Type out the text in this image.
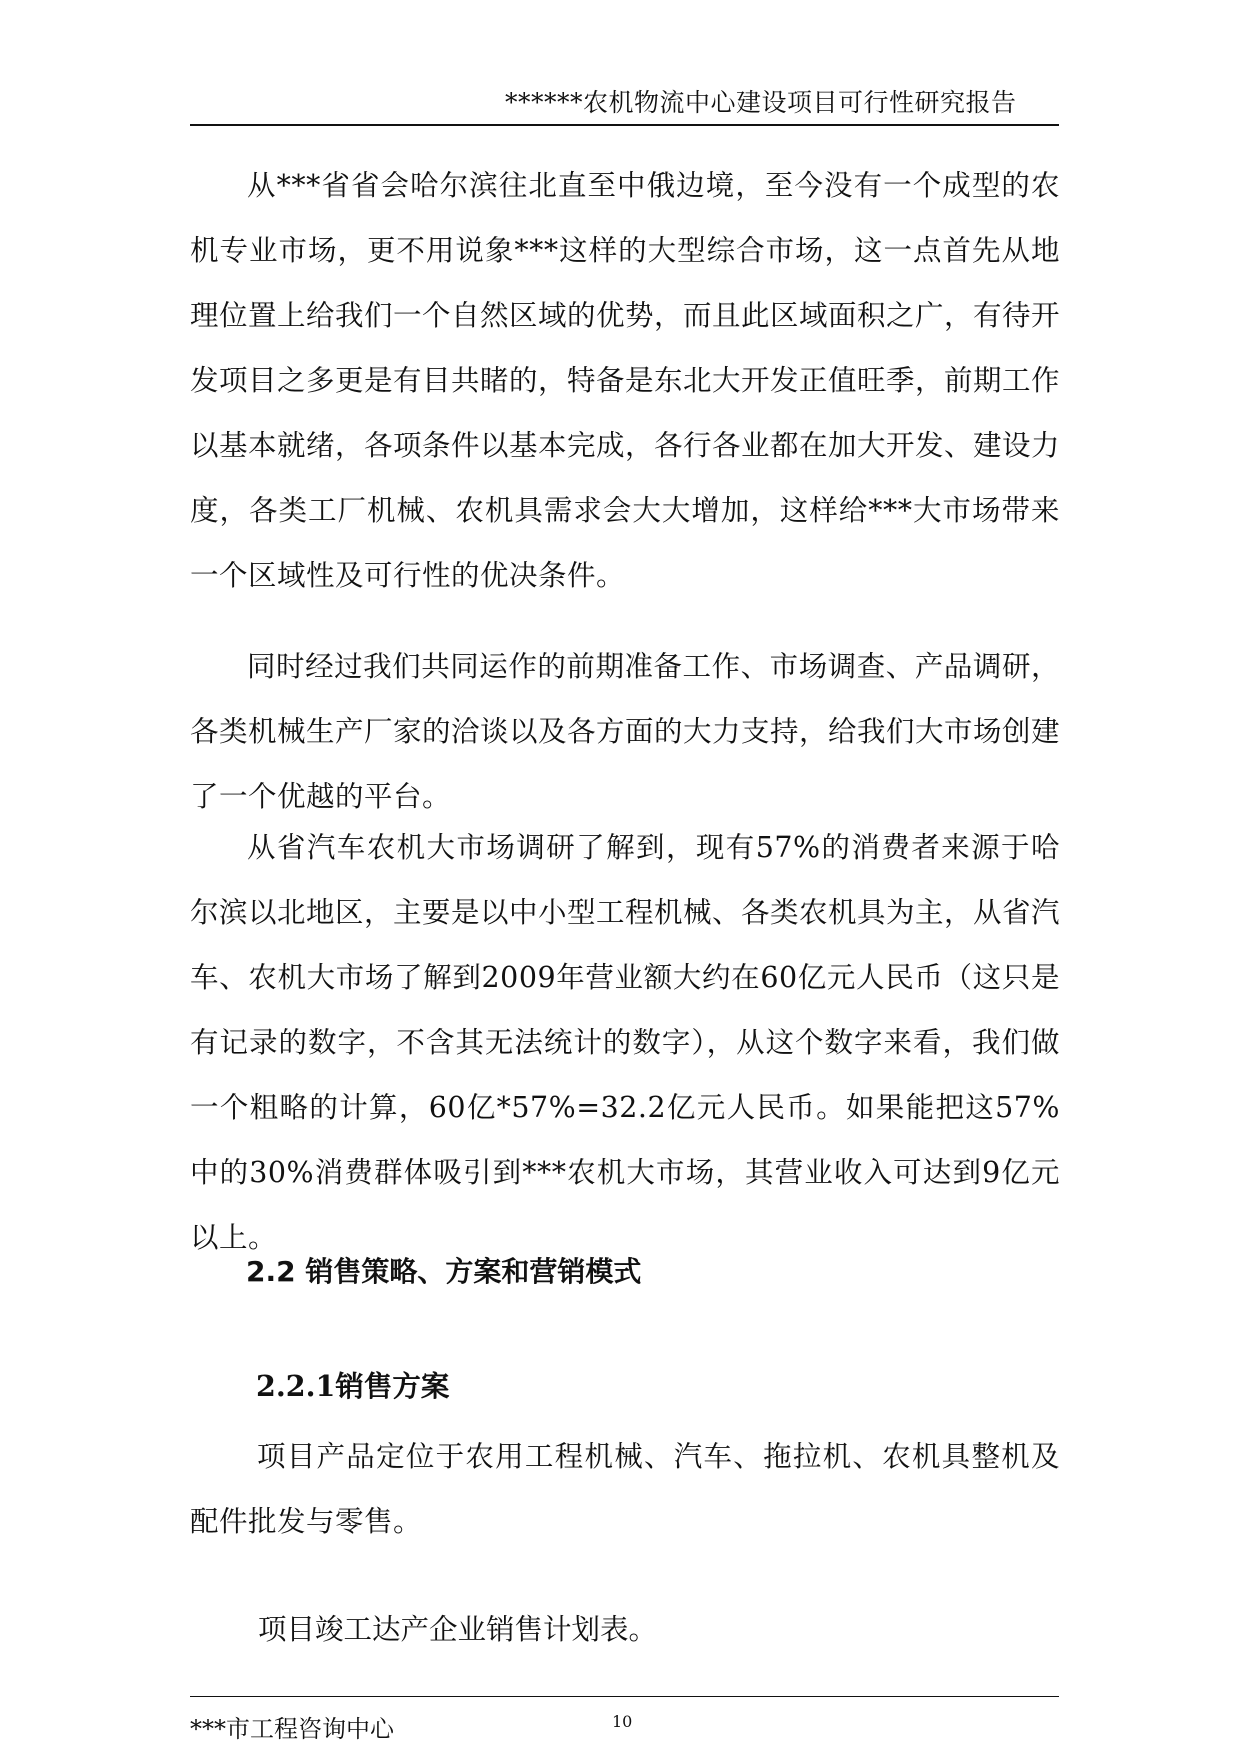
******农机物流中心建设项目可行性研究报告

从***省省会哈尔滨往北直至中俄边境，至今没有一个成型的农机专业市场，更不用说象***这样的大型综合市场，这一点首先从地理位置上给我们一个自然区域的优势，而且此区域面积之广，有待开发项目之多更是有目共睹的，特备是东北大开发正值旺季，前期工作以基本就绪，各项条件以基本完成，各行各业都在加大开发、建设力度，各类工厂机械、农机具需求会大大增加，这样给***大市场带来一个区域性及可行性的优决条件。

同时经过我们共同运作的前期准备工作、市场调查、产品调研，各类机械生产厂家的洽谈以及各方面的大力支持，给我们大市场创建了一个优越的平台。

从省汽车农机大市场调研了解到，现有57%的消费者来源于哈尔滨以北地区，主要是以中小型工程机械、各类农机具为主，从省汽车、农机大市场了解到2009年营业额大约在60亿元人民币（这只是有记录的数字，不含其无法统计的数字），从这个数字来看，我们做一个粗略的计算，60亿*57%=32.2亿元人民币。如果能把这57%中的30%消费群体吸引到***农机大市场，其营业收入可达到9亿元以上。

2.2 销售策略、方案和营销模式
2.2.1销售方案

项目产品定位于农用工程机械、汽车、拖拉机、农机具整机及配件批发与零售。

项目竣工达产企业销售计划表。

***市工程咨询中心	10
